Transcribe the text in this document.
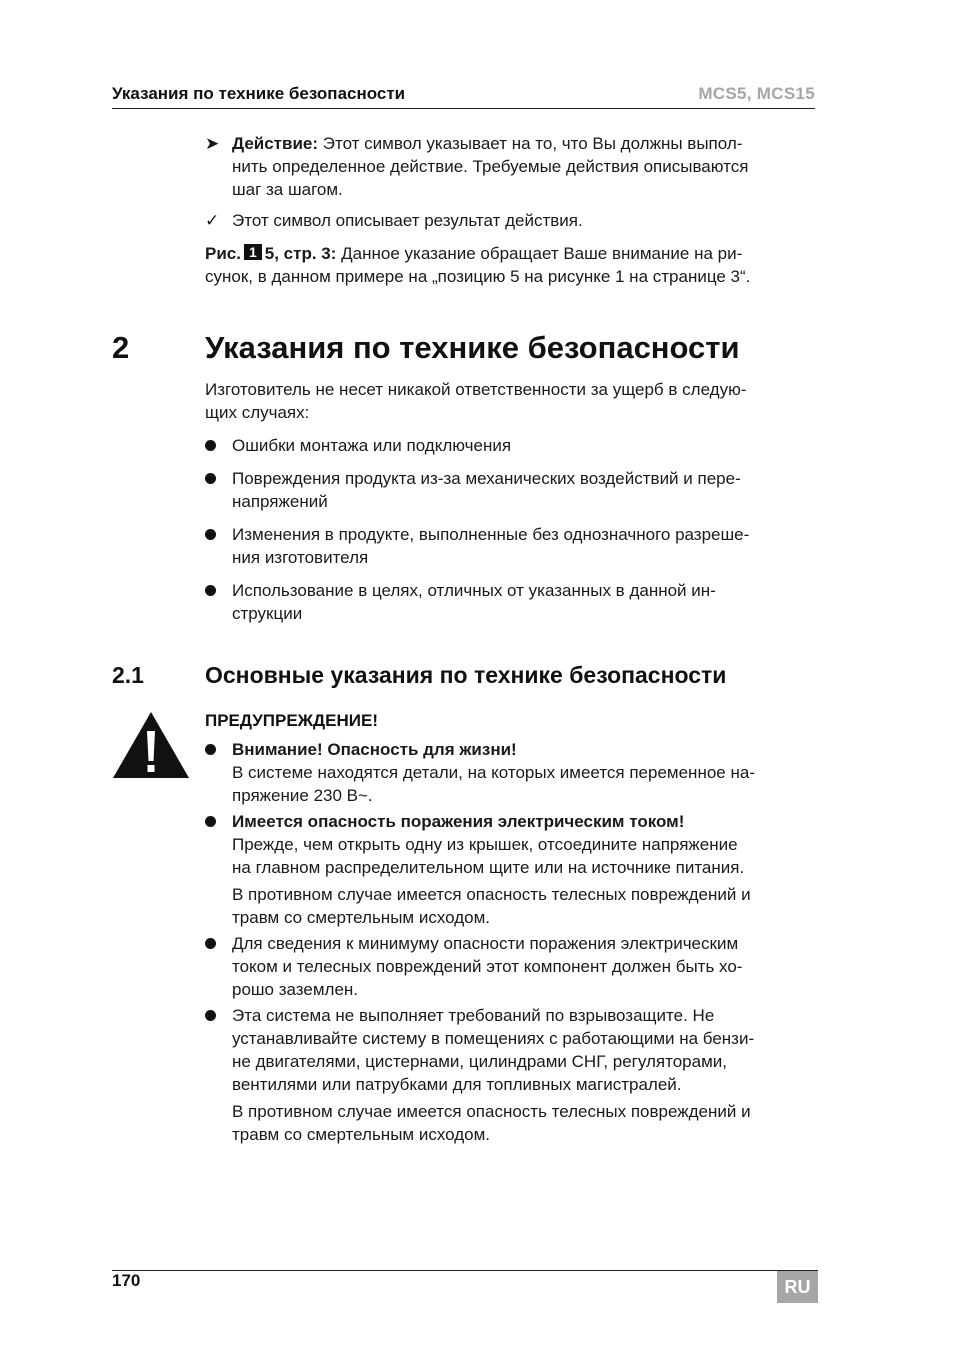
Указания по технике безопасности	MCS5, MCS15
➤ Действие: Этот символ указывает на то, что Вы должны выпол-
нить определенное действие. Требуемые действия описываются
шаг за шагом.
✓ Этот символ описывает результат действия.
Рис. 1 5, стр. 3: Данное указание обращает Ваше внимание на ри-
сунок, в данном примере на „позицию 5 на рисунке 1 на странице 3“.
2 Указания по технике безопасности
Изготовитель не несет никакой ответственности за ущерб в следую-
щих случаях:
Ошибки монтажа или подключения
Повреждения продукта из-за механических воздействий и пере-
напряжений
Изменения в продукте, выполненные без однозначного разреше-
ния изготовителя
Использование в целях, отличных от указанных в данной ин-
струкции
2.1	Основные указания по технике безопасности
ПРЕДУПРЕЖДЕНИЕ!
Внимание! Опасность для жизни!
В системе находятся детали, на которых имеется переменное на-
пряжение 230 В~.
Имеется опасность поражения электрическим током!
Прежде, чем открыть одну из крышек, отсоедините напряжение
на главном распределительном щите или на источнике питания.
В противном случае имеется опасность телесных повреждений и
травм со смертельным исходом.
Для сведения к минимуму опасности поражения электрическим
током и телесных повреждений этот компонент должен быть хо-
рошо заземлен.
Эта система не выполняет требований по взрывозащите. Не
устанавливайте систему в помещениях с работающими на бензи-
не двигателями, цистернами, цилиндрами СНГ, регуляторами,
вентилями или патрубками для топливных магистралей.
В противном случае имеется опасность телесных повреждений и
травм со смертельным исходом.
170	RU
